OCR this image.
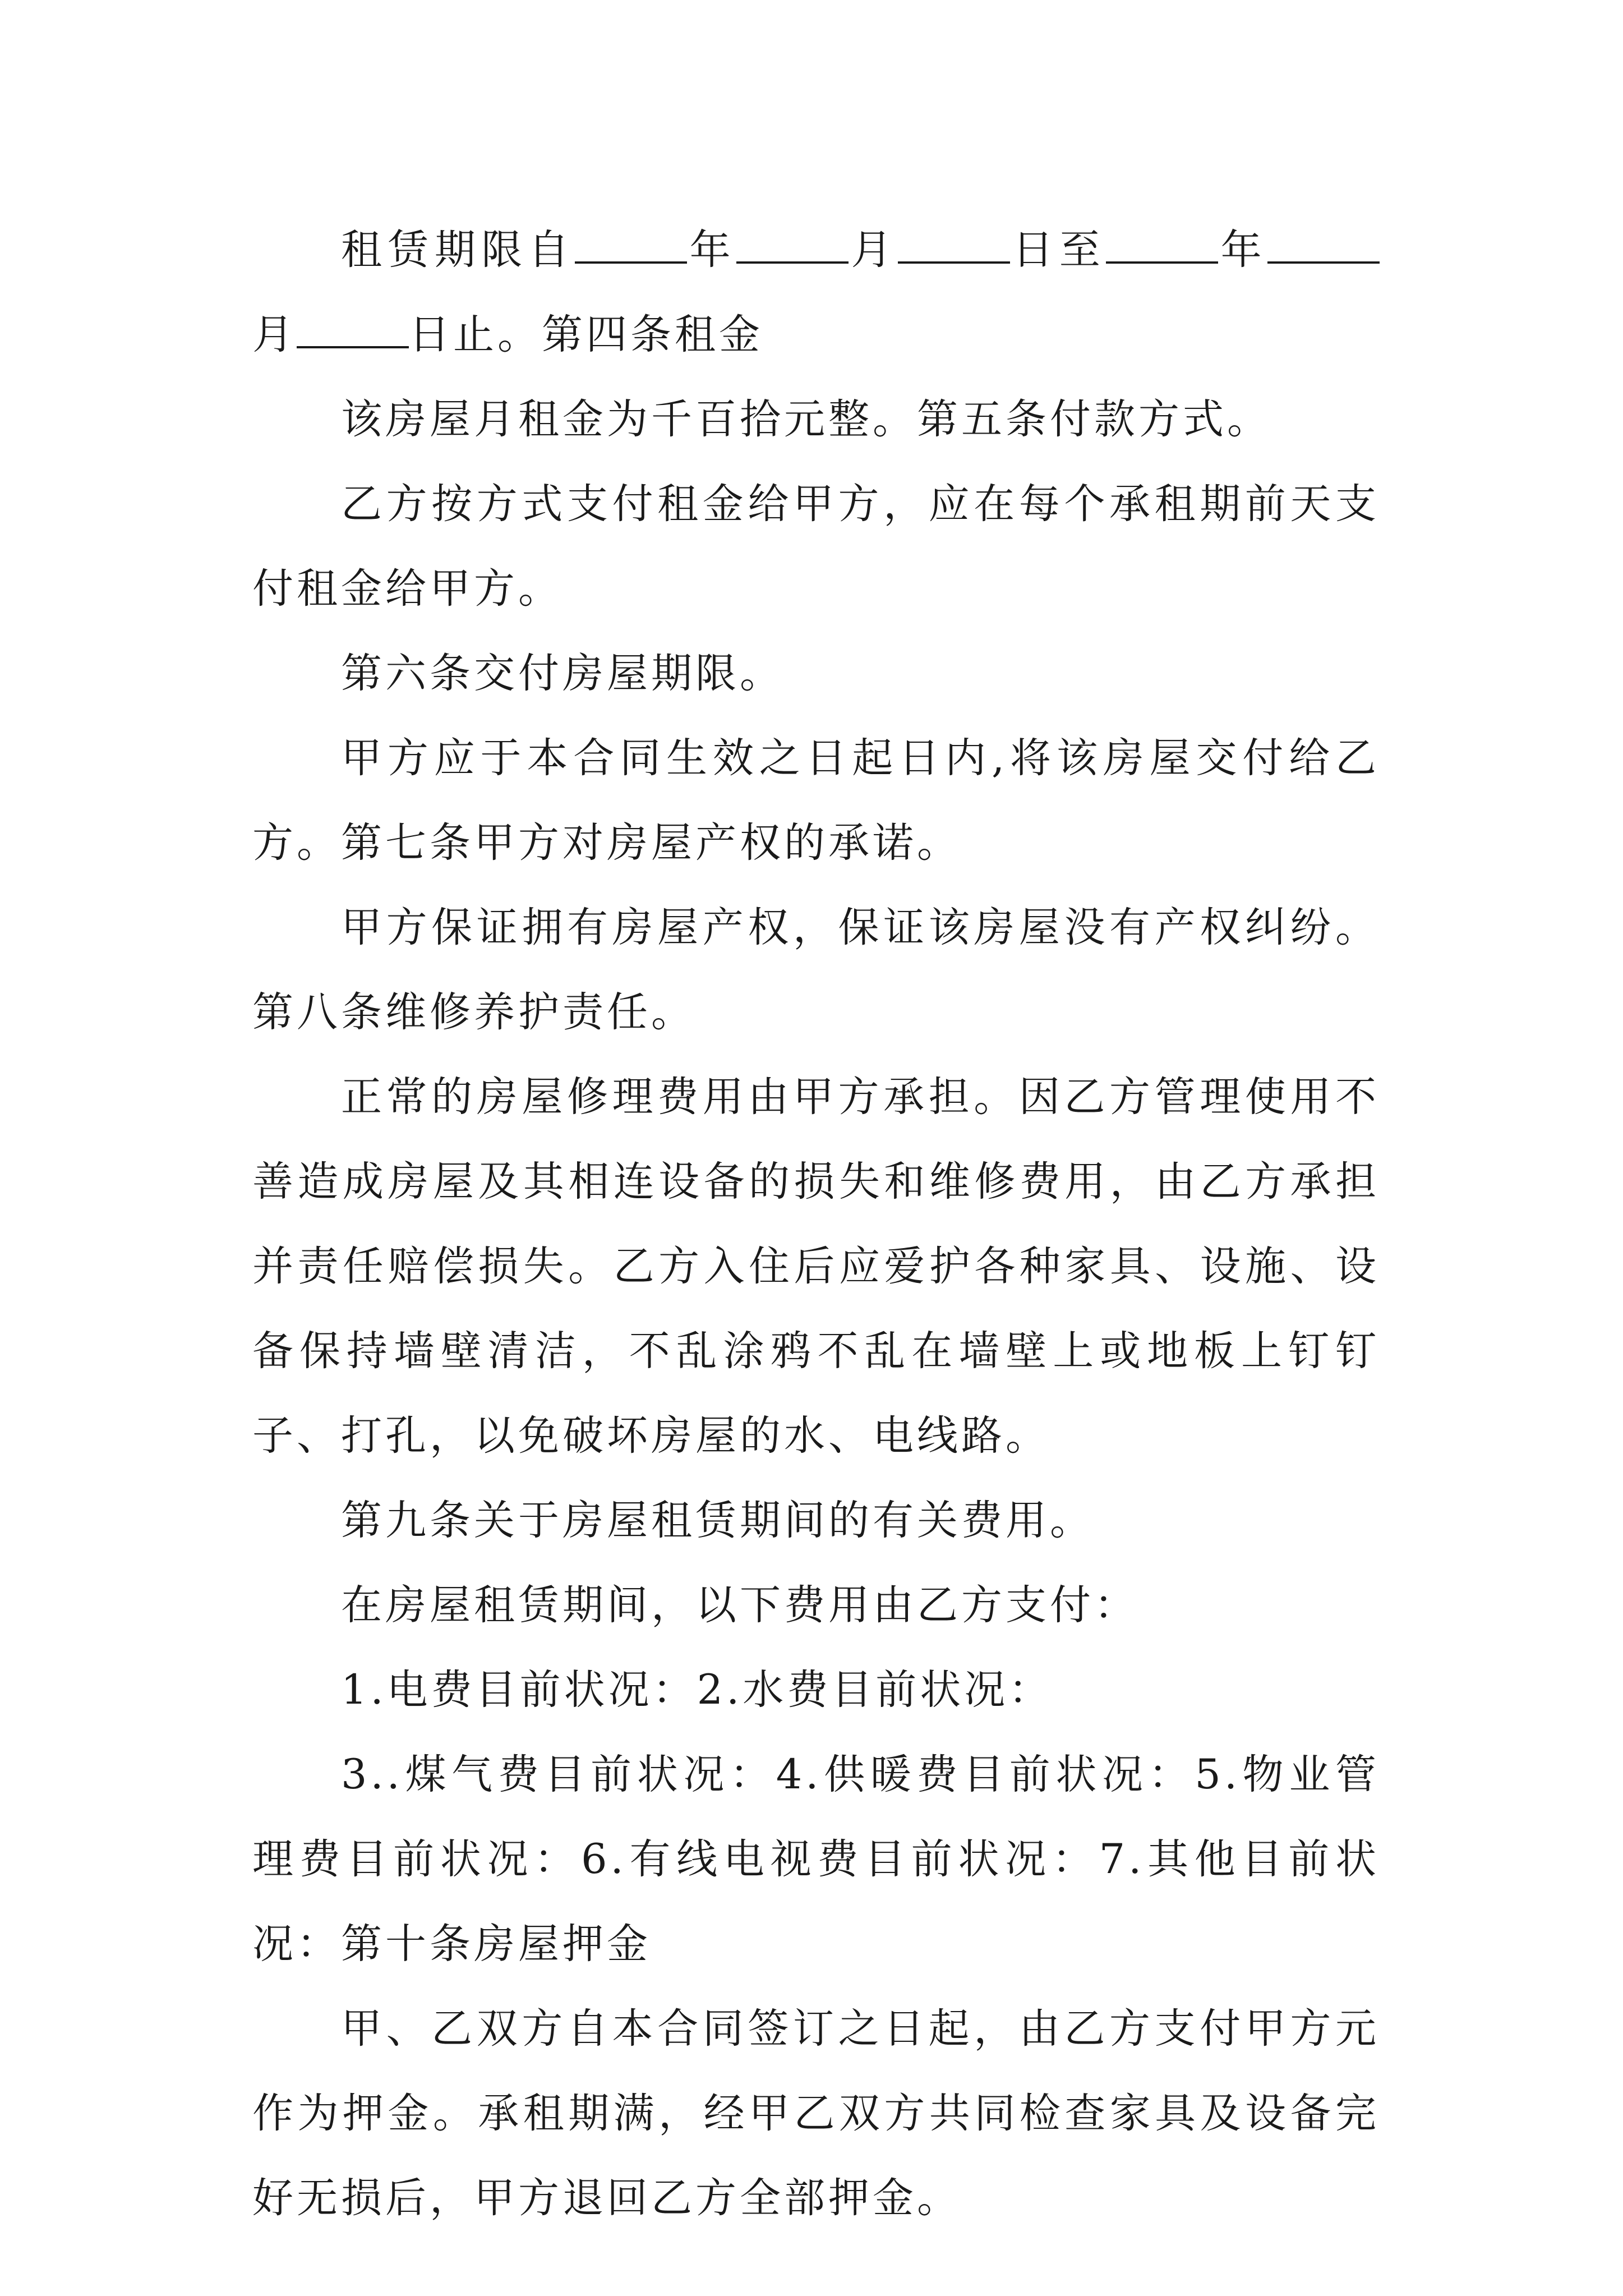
租赁期限自	年	月	日至	年月	日止。第四条租金

该房屋月租金为千百拾元整。第五条付款方式。

乙方按方式支付租金给甲方，应在每个承租期前天支付租金给甲方。

第六条交付房屋期限。

甲方应于本合同生效之日起日内,将该房屋交付给乙方。第七条甲方对房屋产权的承诺。

甲方保证拥有房屋产权，保证该房屋没有产权纠纷。第八条维修养护责任。

正常的房屋修理费用由甲方承担。因乙方管理使用不善造成房屋及其相连设备的损失和维修费用，由乙方承担并责任赔偿损失。乙方入住后应爱护各种家具、设施、设备保持墙壁清洁，不乱涂鸦不乱在墙壁上或地板上钉钉子、打孔，以免破坏房屋的水、电线路。

第九条关于房屋租赁期间的有关费用。

在房屋租赁期间，以下费用由乙方支付：

1.电费目前状况：2.水费目前状况：

3..煤气费目前状况：4.供暖费目前状况：5.物业管理费目前状况：6.有线电视费目前状况：7.其他目前状况：第十条房屋押金

甲、乙双方自本合同签订之日起，由乙方支付甲方元作为押金。承租期满，经甲乙双方共同检查家具及设备完好无损后，甲方退回乙方全部押金。
